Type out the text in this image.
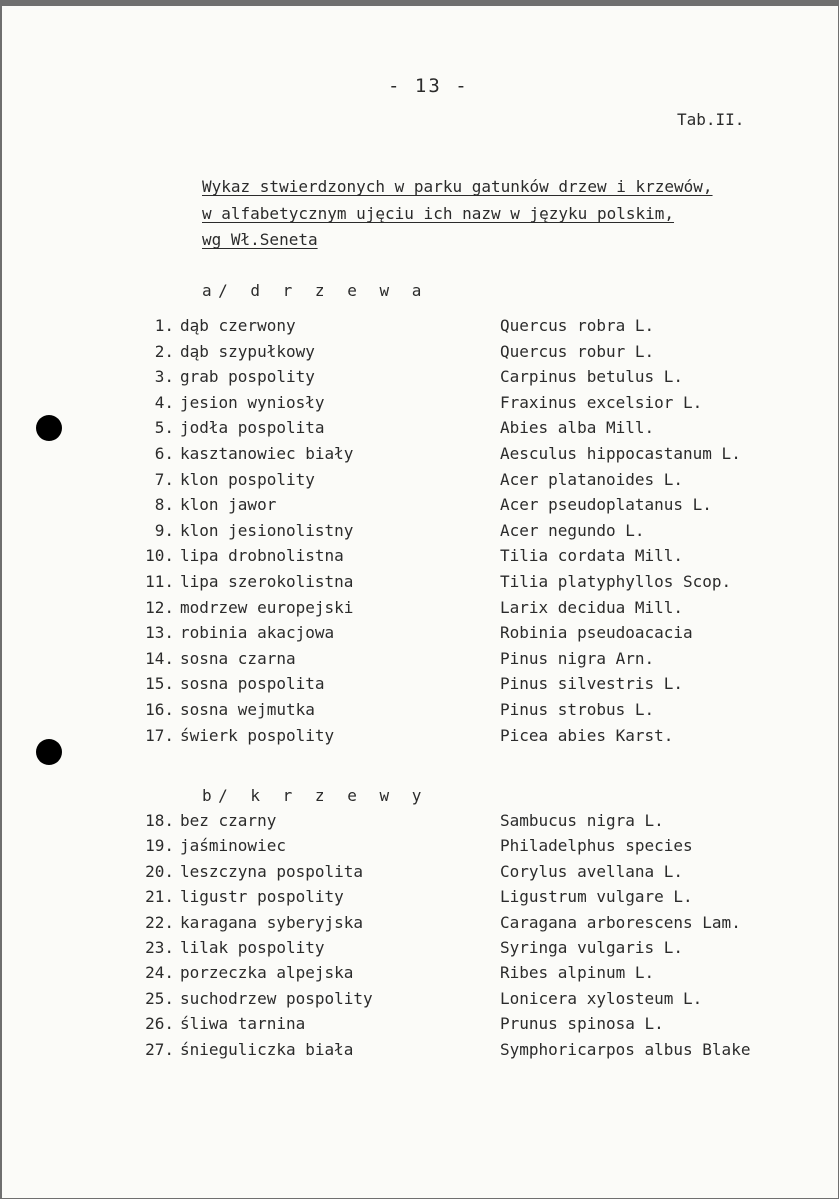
- 13 -
Tab.II.
Wykaz stwierdzonych w parku gatunków drzew i krzewów,
w alfabetycznym ujęciu ich nazw w języku polskim,
wg Wł.Seneta
a/ d r z e w a
1. dąb czerwony	Quercus robra L.
2. dąb szypułkowy	Quercus robur L.
3. grab pospolity	Carpinus betulus L.
4. jesion wyniosły	Fraxinus excelsior L.
5. jodła pospolita	Abies alba Mill.
6. kasztanowiec biały	Aesculus hippocastanum L.
7. klon pospolity	Acer platanoides L.
8. klon jawor	Acer pseudoplatanus L.
9. klon jesionolistny	Acer negundo L.
10. lipa drobnolistna	Tilia cordata Mill.
11. lipa szerokolistna	Tilia platyphyllos Scop.
12. modrzew europejski	Larix decidua Mill.
13. robinia akacjowa	Robinia pseudoacacia
14. sosna czarna	Pinus nigra Arn.
15. sosna pospolita	Pinus silvestris L.
16. sosna wejmutka	Pinus strobus L.
17. świerk pospolity	Picea abies Karst.
b/ k r z e w y
18. bez czarny	Sambucus nigra L.
19. jaśminowiec	Philadelphus species
20. leszczyna pospolita	Corylus avellana L.
21. ligustr pospolity	Ligustrum vulgare L.
22. karagana syberyjska	Caragana arborescens Lam.
23. lilak pospolity	Syringa vulgaris L.
24. porzeczka alpejska	Ribes alpinum L.
25. suchodrzew pospolity	Lonicera xylosteum L.
26. śliwa tarnina	Prunus spinosa L.
27. śnieguliczka biała	Symphoricarpos albus Blake
